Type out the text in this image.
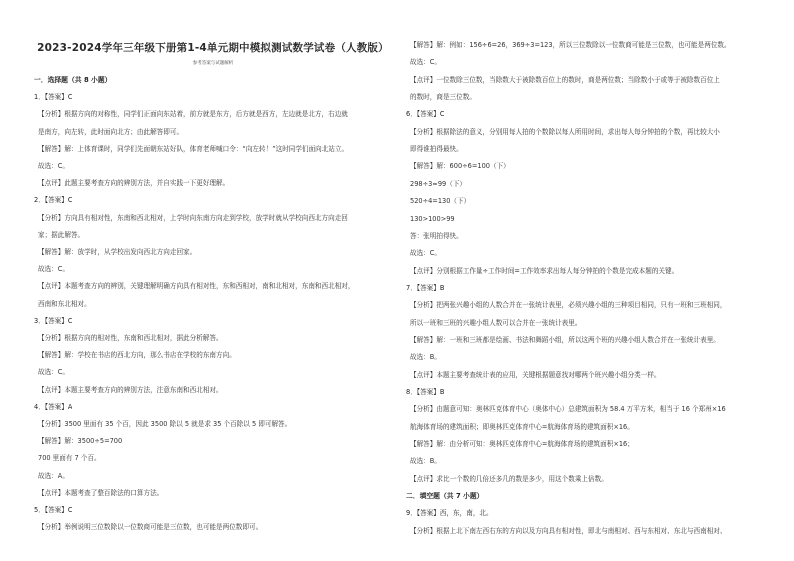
2023-2024学年三年级下册第1-4单元期中模拟测试数学试卷（人教版）
参考答案与试题解析
一．选择题（共 8 小题）
1．【答案】C
【分析】根据方向的对称性，同学们正面向东站着，前方就是东方，后方就是西方，左边就是北方，右边就
是南方，向左转，此时面向北方；由此解答即可。
【解答】解：上体育课时，同学们先面朝东站好队，体育老师喊口令：“向左转！”这时同学们面向北站立。
故选：C。
【点评】此题主要考查方向的辨别方法，并自实践一下更好理解。
2．【答案】C
【分析】方向具有相对性，东南和西北相对，上学时向东南方向走到学校，放学时就从学校向西北方向走回
家；据此解答。
【解答】解：放学时，从学校出发向西北方向走回家。
故选：C。
【点评】本题考查方向的辨别，关键理解明确方向具有相对性，东和西相对，南和北相对，东南和西北相对，
西南和东北相对。
3．【答案】C
【分析】根据方向的相对性，东南和西北相对，据此分析解答。
【解答】解：学校在书店的西北方向，那么书店在学校的东南方向。
故选：C。
【点评】本题主要考查方向的辨别方法，注意东南和西北相对。
4．【答案】A
【分析】3500 里面有 35 个百，因此 3500 除以 5 就是求 35 个百除以 5 即可解答。
【解答】解：3500÷5=700
700 里面有 7 个百。
故选：A。
【点评】本题考查了整百除法的口算方法。
5．【答案】C
【分析】举例说明三位数除以一位数商可能是三位数，也可能是两位数即可。
【解答】解：例如：156÷6=26，369÷3=123，所以三位数除以一位数商可能是三位数，也可能是两位数。
故选：C。
【点评】一位数除三位数，当除数大于被除数百位上的数时，商是两位数；当除数小于或等于被除数百位上
的数时，商是三位数。
6．【答案】C
【分析】根据除法的意义，分别用每人拍的个数除以每人所用时间，求出每人每分钟拍的个数，再比较大小
即得谁拍得最快。
【解答】解：600÷6=100（下）
298÷3≈99（下）
520÷4=130（下）
130>100>99
答：张明拍得快。
故选：C。
【点评】分别根据工作量÷工作时间=工作效率求出每人每分钟拍的个数是完成本题的关键。
7．【答案】B
【分析】把两张兴趣小组的人数合并在一张统计表里，必须兴趣小组的三种项目相同，只有一班和三班相同，
所以一班和三班的兴趣小组人数可以合并在一张统计表里。
【解答】解：一班和三班都是绘画、书法和舞蹈小组，所以这两个班的兴趣小组人数合并在一张统计表里。
故选：B。
【点评】本题主要考查统计表的应用，关键根据题意找对哪两个班兴趣小组分类一样。
8．【答案】B
【分析】由题意可知：奥林匹克体育中心（奥体中心）总建筑面积为 58.4 万平方米，相当于 16 个郑州×16
航海体育场的建筑面积；即奥林匹克体育中心=航海体育场的建筑面积×16。
【解答】解：由分析可知：奥林匹克体育中心=航海体育场的建筑面积×16；
故选：B。
【点评】求比一个数的几倍还多几的数是多少，用这个数乘上倍数。
二．填空题（共 7 小题）
9．【答案】西，东，南，北。
【分析】根据上北下南左西右东的方向以及方向具有相对性，即北与南相对、西与东相对、东北与西南相对、
